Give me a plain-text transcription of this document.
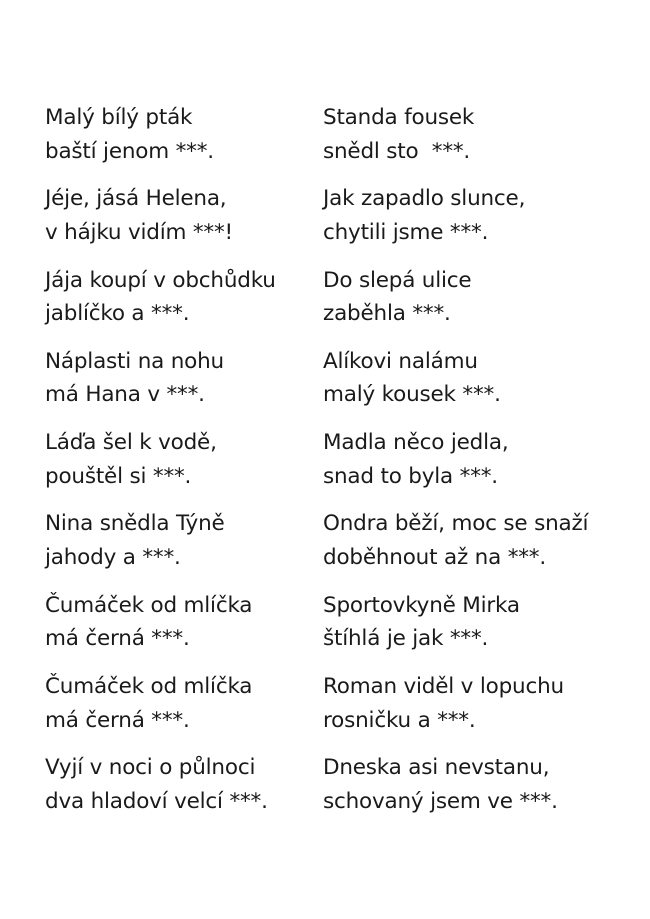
Malý bílý pták
baští jenom ***.
Jéje, jásá Helena,
v hájku vidím ***!
Jája koupí v obchůdku
jablíčko a ***.
Náplasti na nohu
má Hana v ***.
Láďa šel k vodě,
pouštěl si ***.
Nina snědla Týně
jahody a ***.
Čumáček od mlíčka
má černá ***.
Čumáček od mlíčka
má černá ***.
Vyjí v noci o půlnoci
dva hladoví velcí ***.
Standa fousek
snědl sto  ***.
Jak zapadlo slunce,
chytili jsme ***.
Do slepá ulice
zaběhla ***.
Alíkovi nalámu
malý kousek ***.
Madla něco jedla,
snad to byla ***.
Ondra běží, moc se snaží
doběhnout až na ***.
Sportovkyně Mirka
štíhlá je jak ***.
Roman viděl v lopuchu
rosničku a ***.
Dneska asi nevstanu,
schovaný jsem ve ***.
